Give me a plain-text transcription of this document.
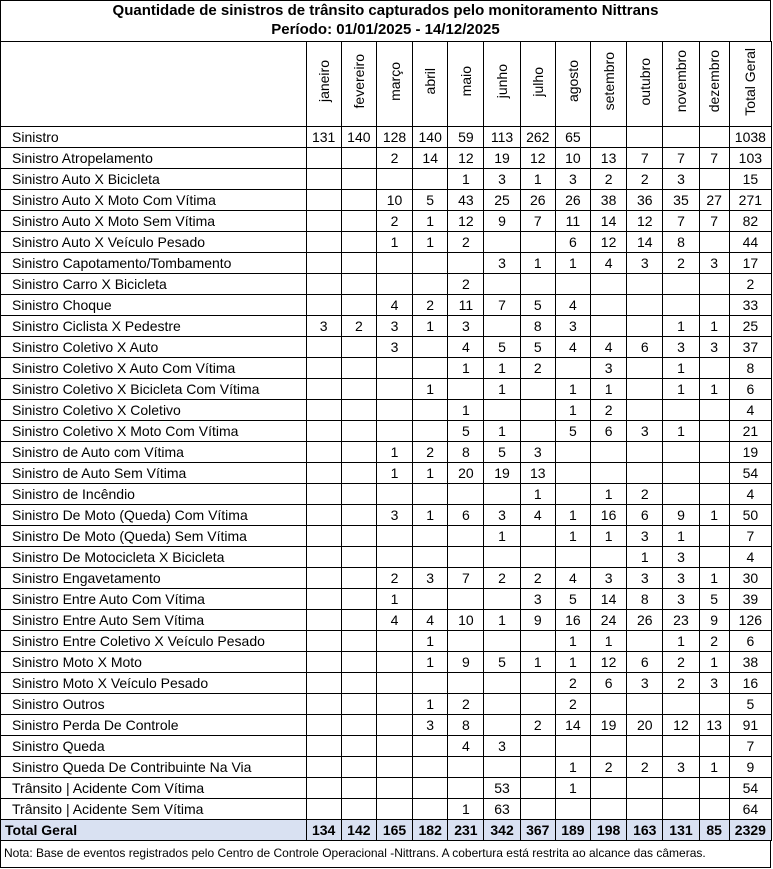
Quantidade de sinistros de trânsito capturados pelo monitoramento Nittrans
Período: 01/01/2025 - 14/12/2025
	janeiro	fevereiro	março	abril	maio	junho	julho	agosto	setembro	outubro	novembro	dezembro	Total Geral
Sinistro	131	140	128	140	59	113	262	65					1038
Sinistro Atropelamento			2	14	12	19	12	10	13	7	7	7	103
Sinistro Auto X Bicicleta					1	3	1	3	2	2	3		15
Sinistro Auto X Moto Com Vítima			10	5	43	25	26	26	38	36	35	27	271
Sinistro Auto X Moto Sem Vítima			2	1	12	9	7	11	14	12	7	7	82
Sinistro Auto X Veículo Pesado			1	1	2			6	12	14	8		44
Sinistro Capotamento/Tombamento						3	1	1	4	3	2	3	17
Sinistro Carro X Bicicleta					2								2
Sinistro Choque			4	2	11	7	5	4					33
Sinistro Ciclista X Pedestre	3	2	3	1	3		8	3			1	1	25
Sinistro Coletivo X Auto			3		4	5	5	4	4	6	3	3	37
Sinistro Coletivo X Auto Com Vítima					1	1	2		3		1		8
Sinistro Coletivo X Bicicleta Com Vítima				1		1		1	1		1	1	6
Sinistro Coletivo X Coletivo					1			1	2				4
Sinistro Coletivo X Moto Com Vítima					5	1		5	6	3	1		21
Sinistro de Auto com Vítima			1	2	8	5	3						19
Sinistro de Auto Sem Vítima			1	1	20	19	13						54
Sinistro de Incêndio							1		1	2			4
Sinistro De Moto (Queda) Com Vítima			3	1	6	3	4	1	16	6	9	1	50
Sinistro De Moto (Queda) Sem Vítima						1		1	1	3	1		7
Sinistro De Motocicleta X Bicicleta										1	3		4
Sinistro Engavetamento			2	3	7	2	2	4	3	3	3	1	30
Sinistro Entre Auto Com Vítima			1				3	5	14	8	3	5	39
Sinistro Entre Auto Sem Vítima			4	4	10	1	9	16	24	26	23	9	126
Sinistro Entre Coletivo X Veículo Pesado				1				1	1		1	2	6
Sinistro Moto X Moto				1	9	5	1	1	12	6	2	1	38
Sinistro Moto X Veículo Pesado								2	6	3	2	3	16
Sinistro Outros				1	2			2					5
Sinistro Perda De Controle				3	8		2	14	19	20	12	13	91
Sinistro Queda					4	3							7
Sinistro Queda De Contribuinte Na Via								1	2	2	3	1	9
Trânsito | Acidente Com Vítima						53		1					54
Trânsito | Acidente Sem Vítima					1	63							64
Total Geral	134	142	165	182	231	342	367	189	198	163	131	85	2329
Nota: Base de eventos registrados pelo Centro de Controle Operacional -Nittrans. A cobertura está restrita ao alcance das câmeras.
